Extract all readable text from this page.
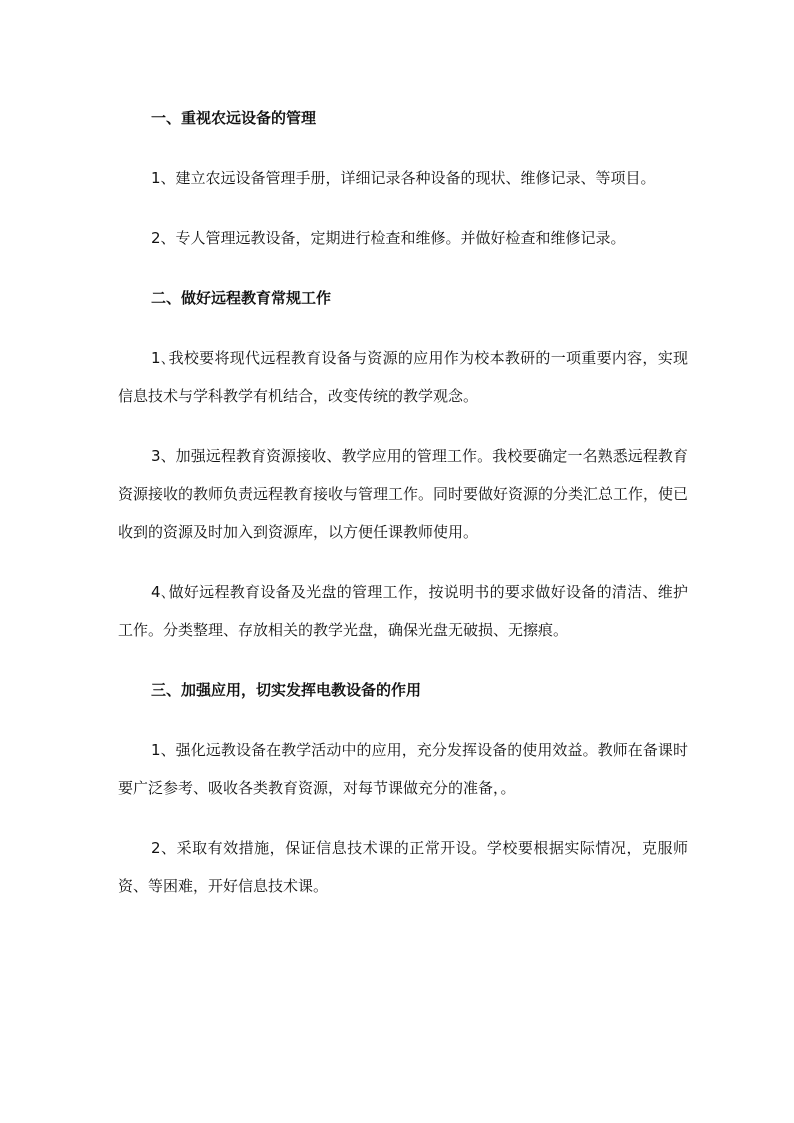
一、重视农远设备的管理

1、建立农远设备管理手册，详细记录各种设备的现状、维修记录、等项目。

2、专人管理远教设备，定期进行检查和维修。并做好检查和维修记录。

二、做好远程教育常规工作

1､我校要将现代远程教育设备与资源的应用作为校本教研的一项重要内容，实现信息技术与学科教学有机结合，改变传统的教学观念。

3、加强远程教育资源接收、教学应用的管理工作。我校要确定一名熟悉远程教育资源接收的教师负责远程教育接收与管理工作。同时要做好资源的分类汇总工作，使已收到的资源及时加入到资源库，以方便任课教师使用。

4､做好远程教育设备及光盘的管理工作，按说明书的要求做好设备的清洁、维护工作。分类整理、存放相关的教学光盘，确保光盘无破损、无擦痕。

三、加强应用，切实发挥电教设备的作用

1、强化远教设备在教学活动中的应用，充分发挥设备的使用效益。教师在备课时要广泛参考、吸收各类教育资源，对每节课做充分的准备，。

2、采取有效措施，保证信息技术课的正常开设。学校要根据实际情况，克服师资、等困难，开好信息技术课。
